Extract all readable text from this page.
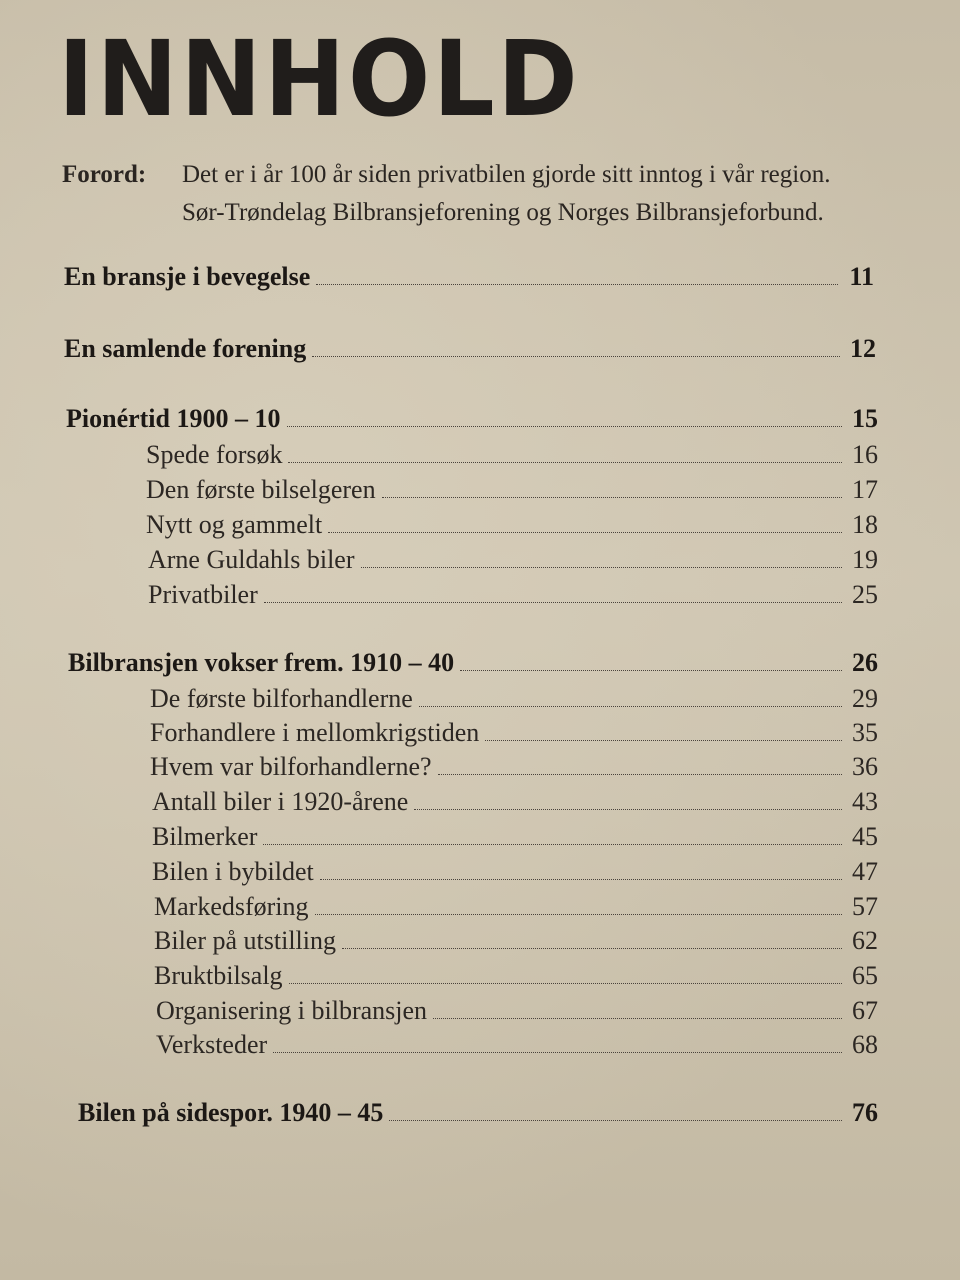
INNHOLD
Forord: Det er i år 100 år siden privatbilen gjorde sitt inntog i vår region.
Sør-Trøndelag Bilbransjeforening og Norges Bilbransjeforbund.
En bransje i bevegelse	11
En samlende forening	12
Pionértid 1900 – 10	15
Spede forsøk	16
Den første bilselgeren	17
Nytt og gammelt	18
Arne Guldahls biler	19
Privatbiler	25
Bilbransjen vokser frem. 1910 – 40	26
De første bilforhandlerne	29
Forhandlere i mellomkrigstiden	35
Hvem var bilforhandlerne?	36
Antall biler i 1920-årene	43
Bilmerker	45
Bilen i bybildet	47
Markedsføring	57
Biler på utstilling	62
Bruktbilsalg	65
Organisering i bilbransjen	67
Verksteder	68
Bilen på sidespor. 1940 – 45	76
